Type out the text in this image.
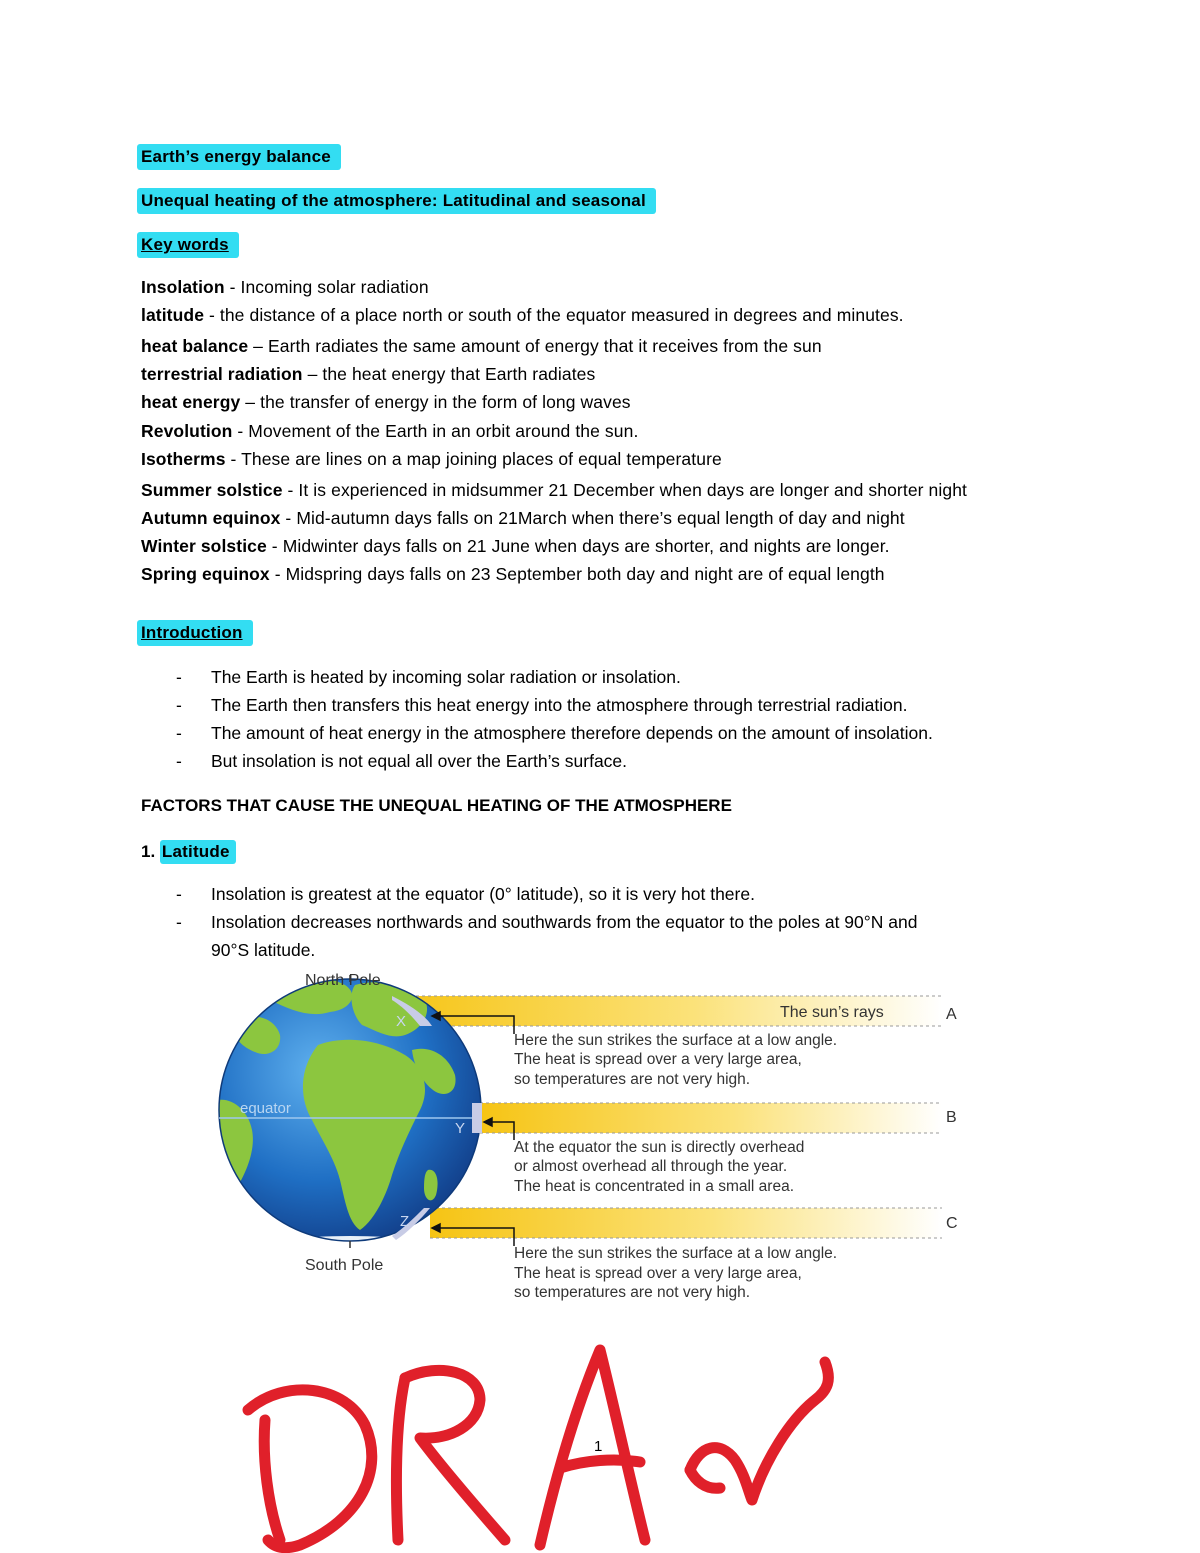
Earth’s energy balance
Unequal heating of the atmosphere: Latitudinal and seasonal
Key words
Insolation - Incoming solar radiation
latitude - the distance of a place north or south of the equator measured in degrees and minutes.
heat balance – Earth radiates the same amount of energy that it receives from the sun
terrestrial radiation – the heat energy that Earth radiates
heat energy – the transfer of energy in the form of long waves
Revolution - Movement of the Earth in an orbit around the sun.
Isotherms - These are lines on a map joining places of equal temperature
Summer solstice - It is experienced in midsummer 21 December when days are longer and shorter night
Autumn equinox - Mid-autumn days falls on 21March when there’s equal length of day and night
Winter solstice - Midwinter days falls on 21 June when days are shorter, and nights are longer.
Spring equinox - Midspring days falls on 23 September both day and night are of equal length
Introduction
- The Earth is heated by incoming solar radiation or insolation.
- The Earth then transfers this heat energy into the atmosphere through terrestrial radiation.
- The amount of heat energy in the atmosphere therefore depends on the amount of insolation.
- But insolation is not equal all over the Earth’s surface.
FACTORS THAT CAUSE THE UNEQUAL HEATING OF THE ATMOSPHERE
1. Latitude
- Insolation is greatest at the equator (0° latitude), so it is very hot there.
- Insolation decreases northwards and southwards from the equator to the poles at 90°N and
90°S latitude.
North Pole
South Pole
equator
X
Y
Z
The sun’s rays	A
B
C
Here the sun strikes the surface at a low angle.
The heat is spread over a very large area,
so temperatures are not very high.
At the equator the sun is directly overhead
or almost overhead all through the year.
The heat is concentrated in a small area.
Here the sun strikes the surface at a low angle.
The heat is spread over a very large area,
so temperatures are not very high.
1
